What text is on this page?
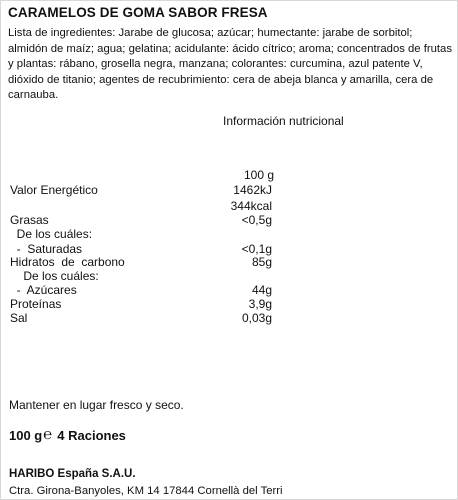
CARAMELOS DE GOMA SABOR FRESA
Lista de ingredientes: Jarabe de glucosa; azúcar; humectante: jarabe de sorbitol; almidón de maíz; agua; gelatina; acidulante: ácido cítrico; aroma; concentrados de frutas y plantas: rábano, grosella negra, manzana; colorantes: curcumina, azul patente V, dióxido de titanio; agentes de recubrimiento: cera de abeja blanca y amarilla, cera de carnauba.
Información nutricional
100 g
Valor Energético	1462kJ
344kcal
Grasas	<0,5g
De los cuáles:
-  Saturadas	<0,1g
Hidratos  de  carbono	85g
De los cuáles:
-  Azúcares	44g
Proteínas	3,9g
Sal	0,03g
Mantener en lugar fresco y seco.
100 g ℮ 4 Raciones
HARIBO España S.A.U.
Ctra. Girona-Banyoles, KM 14 17844 Cornellà del Terri
